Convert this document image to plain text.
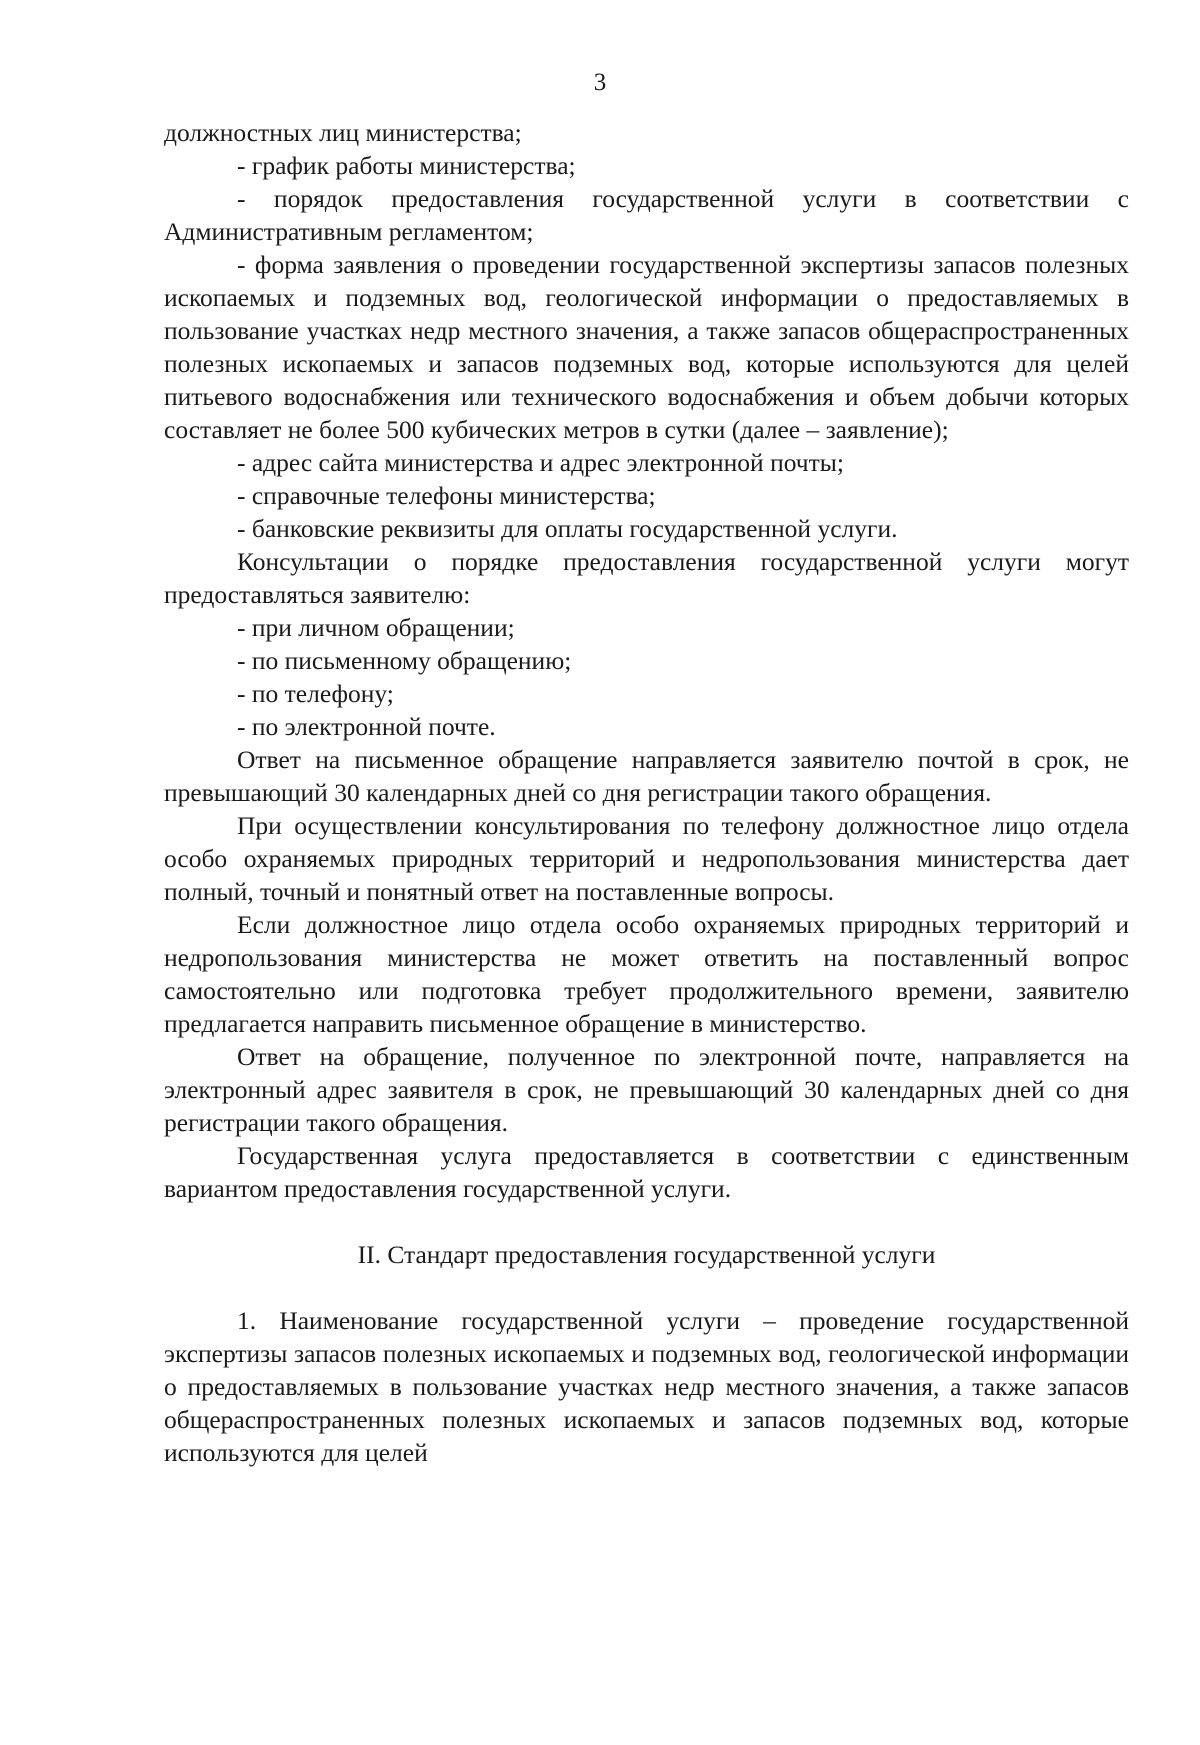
3

должностных лиц министерства;

- график работы министерства;

- порядок предоставления государственной услуги в соответствии с Административным регламентом;

- форма заявления о проведении государственной экспертизы запасов полезных ископаемых и подземных вод, геологической информации о предоставляемых в пользование участках недр местного значения, а также запасов общераспространенных полезных ископаемых и запасов подземных вод, которые используются для целей питьевого водоснабжения или технического водоснабжения и объем добычи которых составляет не более 500 кубических метров в сутки (далее – заявление);

- адрес сайта министерства и адрес электронной почты;

- справочные телефоны министерства;

- банковские реквизиты для оплаты государственной услуги.

Консультации о порядке предоставления государственной услуги могут предоставляться заявителю:

- при личном обращении;

- по письменному обращению;

- по телефону;

- по электронной почте.

Ответ на письменное обращение направляется заявителю почтой в срок, не превышающий 30 календарных дней со дня регистрации такого обращения.

При осуществлении консультирования по телефону должностное лицо отдела особо охраняемых природных территорий и недропользования министерства дает полный, точный и понятный ответ на поставленные вопросы.

Если должностное лицо отдела особо охраняемых природных территорий и недропользования министерства не может ответить на поставленный вопрос самостоятельно или подготовка требует продолжительного времени, заявителю предлагается направить письменное обращение в министерство.

Ответ на обращение, полученное по электронной почте, направляется на электронный адрес заявителя в срок, не превышающий 30 календарных дней со дня регистрации такого обращения.

Государственная услуга предоставляется в соответствии с единственным вариантом предоставления государственной услуги.

II. Стандарт предоставления государственной услуги

1. Наименование государственной услуги – проведение государственной экспертизы запасов полезных ископаемых и подземных вод, геологической информации о предоставляемых в пользование участках недр местного значения, а также запасов общераспространенных полезных ископаемых и запасов подземных вод, которые используются для целей
